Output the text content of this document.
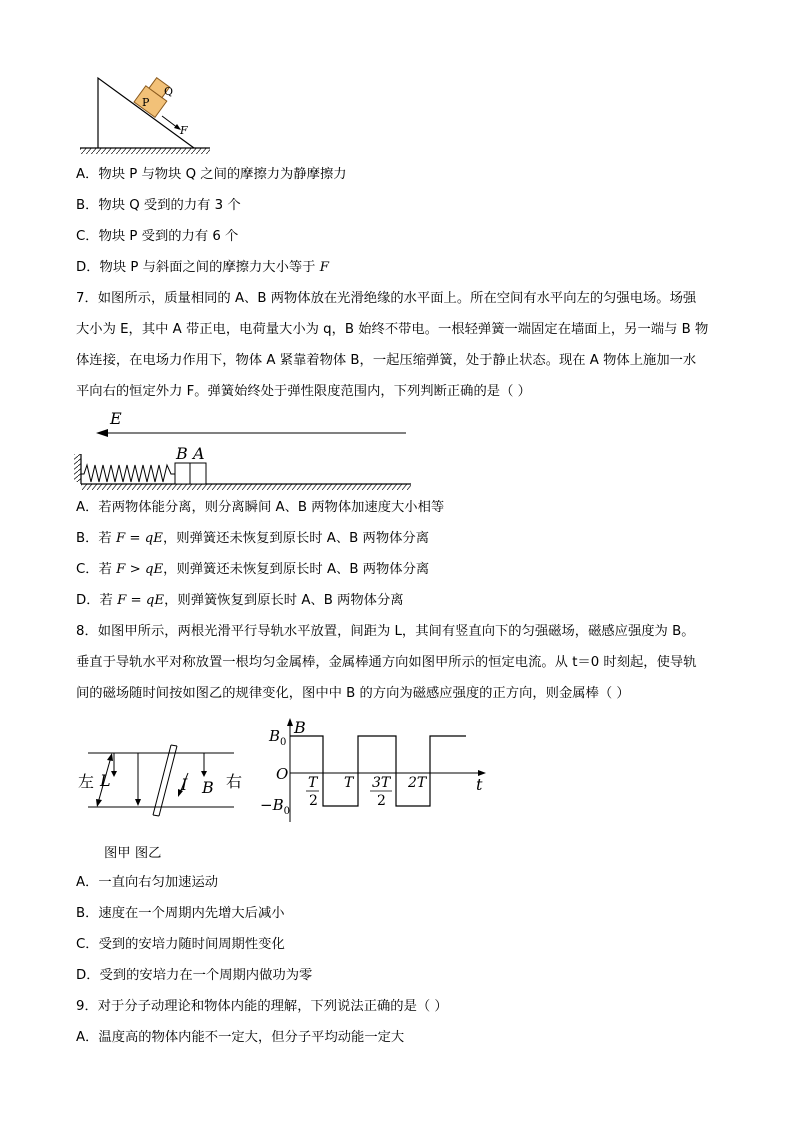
P
Q
F
A．物块 P 与物块 Q 之间的摩擦力为静摩擦力
B．物块 Q 受到的力有 3 个
C．物块 P 受到的力有 6 个
D．物块 P 与斜面之间的摩擦力大小等于 F
7．如图所示，质量相同的 A、B 两物体放在光滑绝缘的水平面上。所在空间有水平向左的匀强电场。场强
大小为 E，其中 A 带正电，电荷量大小为 q，B 始终不带电。一根轻弹簧一端固定在墙面上，另一端与 B 物
体连接，在电场力作用下，物体 A 紧靠着物体 B，一起压缩弹簧，处于静止状态。现在 A 物体上施加一水
平向右的恒定外力 F。弹簧始终处于弹性限度范围内，下列判断正确的是（ ）
E
B A
A．若两物体能分离，则分离瞬间 A、B 两物体加速度大小相等
B．若 F = qE，则弹簧还未恢复到原长时 A、B 两物体分离
C．若 F > qE，则弹簧还未恢复到原长时 A、B 两物体分离
D．若 F = qE，则弹簧恢复到原长时 A、B 两物体分离
8．如图甲所示，两根光滑平行导轨水平放置，间距为 L，其间有竖直向下的匀强磁场，磁感应强度为 B。
垂直于导轨水平对称放置一根均匀金属棒，金属棒通方向如图甲所示的恒定电流。从 t＝0 时刻起，使导轨
间的磁场随时间按如图乙的规律变化，图中中 B 的方向为磁感应强度的正方向，则金属棒（ ）
左	右
L	B
I
B
t
O
$B_0$
$-B_0$
T
2
T 3T
2
2T
图甲 图乙
A．一直向右匀加速运动
B．速度在一个周期内先增大后减小
C．受到的安培力随时间周期性变化
D．受到的安培力在一个周期内做功为零
9．对于分子动理论和物体内能的理解，下列说法正确的是（ ）
A．温度高的物体内能不一定大，但分子平均动能一定大
